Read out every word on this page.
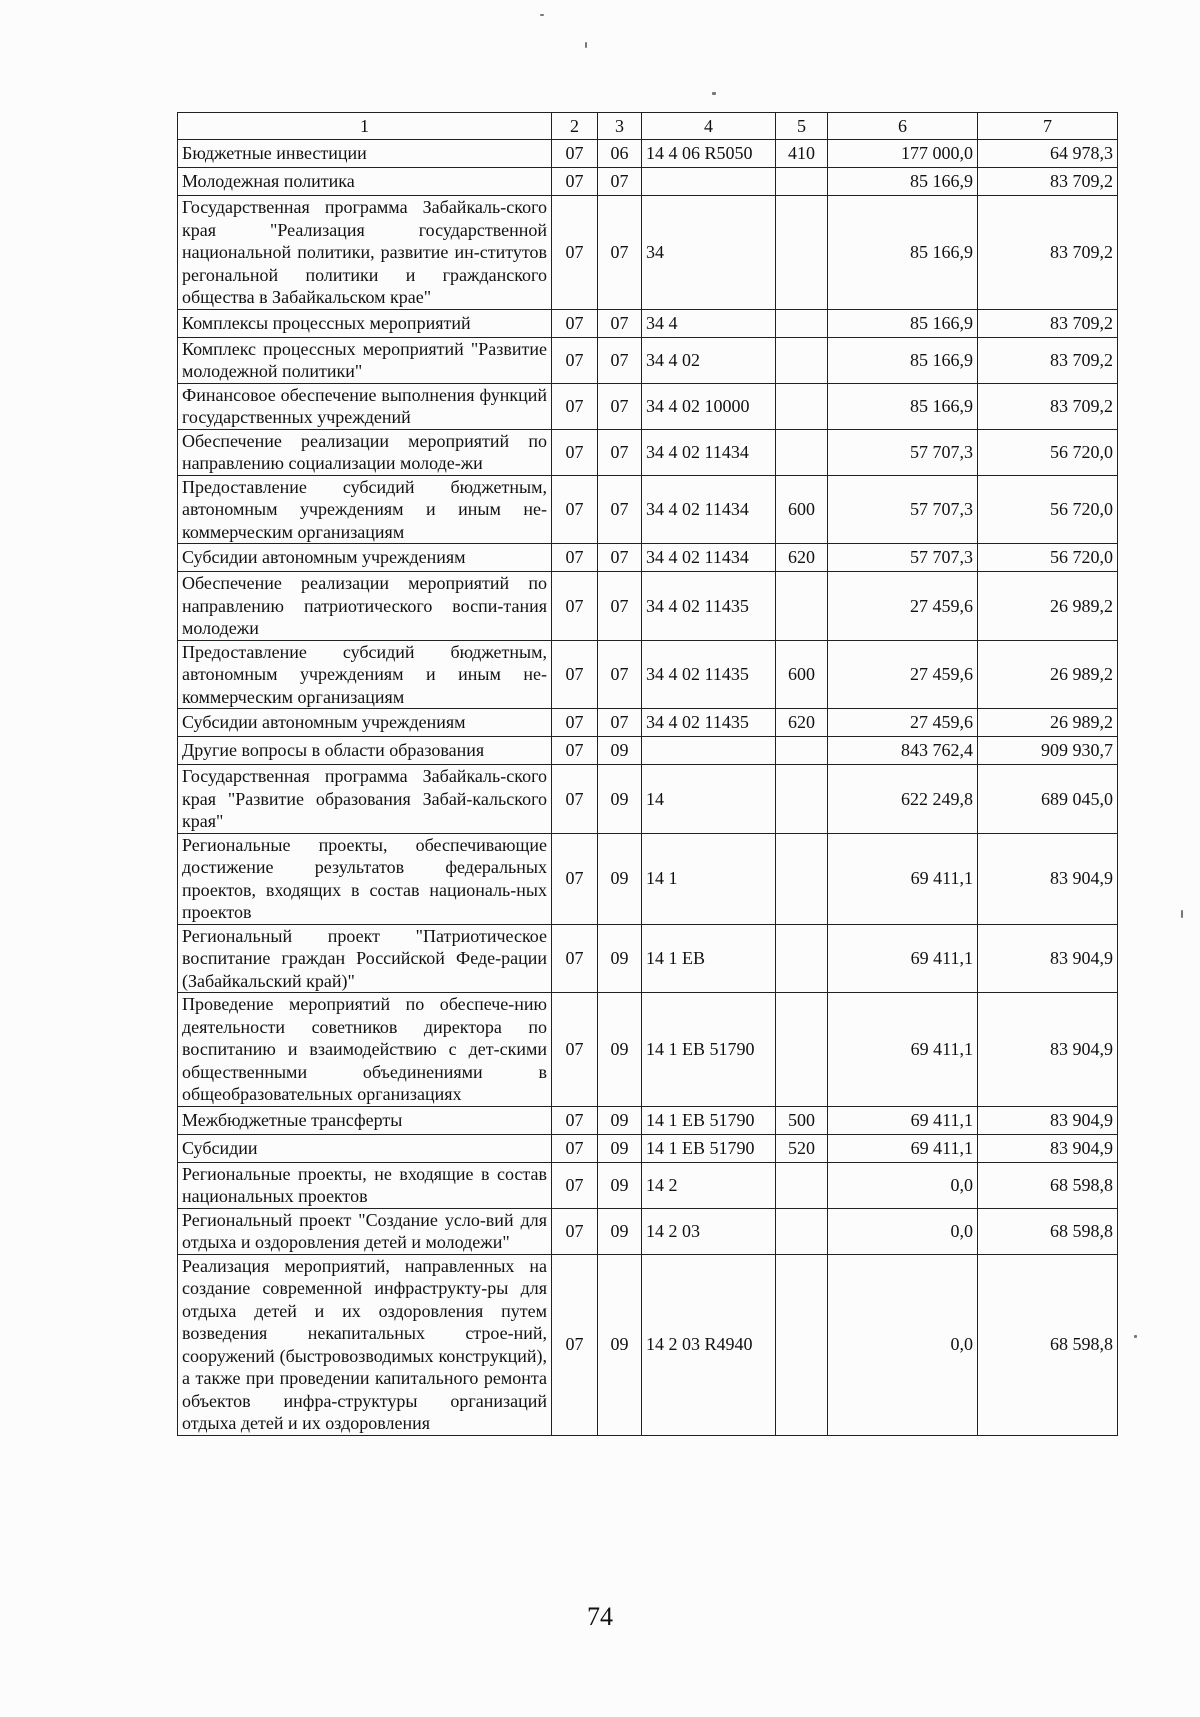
1	2	3	4	5	6	7
Бюджетные инвестиции	07	06	14 4 06 R5050	410	177 000,0	64 978,3
Молодежная политика	07	07			85 166,9	83 709,2
Государственная программа Забайкаль-ского края "Реализация государственной национальной политики, развитие ин-ститутов регональной политики и гражданского общества в Забайкальском крае"	07	07	34		85 166,9	83 709,2
Комплексы процессных мероприятий	07	07	34 4		85 166,9	83 709,2
Комплекс процессных мероприятий "Развитие молодежной политики"	07	07	34 4 02		85 166,9	83 709,2
Финансовое обеспечение выполнения функций государственных учреждений	07	07	34 4 02 10000		85 166,9	83 709,2
Обеспечение реализации мероприятий по направлению социализации молоде-жи	07	07	34 4 02 11434		57 707,3	56 720,0
Предоставление субсидий бюджетным, автономным учреждениям и иным не-коммерческим организациям	07	07	34 4 02 11434	600	57 707,3	56 720,0
Субсидии автономным учреждениям	07	07	34 4 02 11434	620	57 707,3	56 720,0
Обеспечение реализации мероприятий по направлению патриотического воспи-тания молодежи	07	07	34 4 02 11435		27 459,6	26 989,2
Предоставление субсидий бюджетным, автономным учреждениям и иным не-коммерческим организациям	07	07	34 4 02 11435	600	27 459,6	26 989,2
Субсидии автономным учреждениям	07	07	34 4 02 11435	620	27 459,6	26 989,2
Другие вопросы в области образования	07	09			843 762,4	909 930,7
Государственная программа Забайкаль-ского края "Развитие образования Забай-кальского края"	07	09	14		622 249,8	689 045,0
Региональные проекты, обеспечивающие достижение результатов федеральных проектов, входящих в состав националь-ных проектов	07	09	14 1		69 411,1	83 904,9
Региональный проект "Патриотическое воспитание граждан Российской Феде-рации (Забайкальский край)"	07	09	14 1 EB		69 411,1	83 904,9
Проведение мероприятий по обеспече-нию деятельности советников директора по воспитанию и взаимодействию с дет-скими общественными объединениями в общеобразовательных организациях	07	09	14 1 EB 51790		69 411,1	83 904,9
Межбюджетные трансферты	07	09	14 1 EB 51790	500	69 411,1	83 904,9
Субсидии	07	09	14 1 EB 51790	520	69 411,1	83 904,9
Региональные проекты, не входящие в состав национальных проектов	07	09	14 2		0,0	68 598,8
Региональный проект "Создание усло-вий для отдыха и оздоровления детей и молодежи"	07	09	14 2 03		0,0	68 598,8
Реализация мероприятий, направленных на создание современной инфраструкту-ры для отдыха детей и их оздоровления путем возведения некапитальных строе-ний, сооружений (быстровозводимых конструкций), а также при проведении капитального ремонта объектов инфра-структуры организаций отдыха детей и их оздоровления	07	09	14 2 03 R4940		0,0	68 598,8
74
